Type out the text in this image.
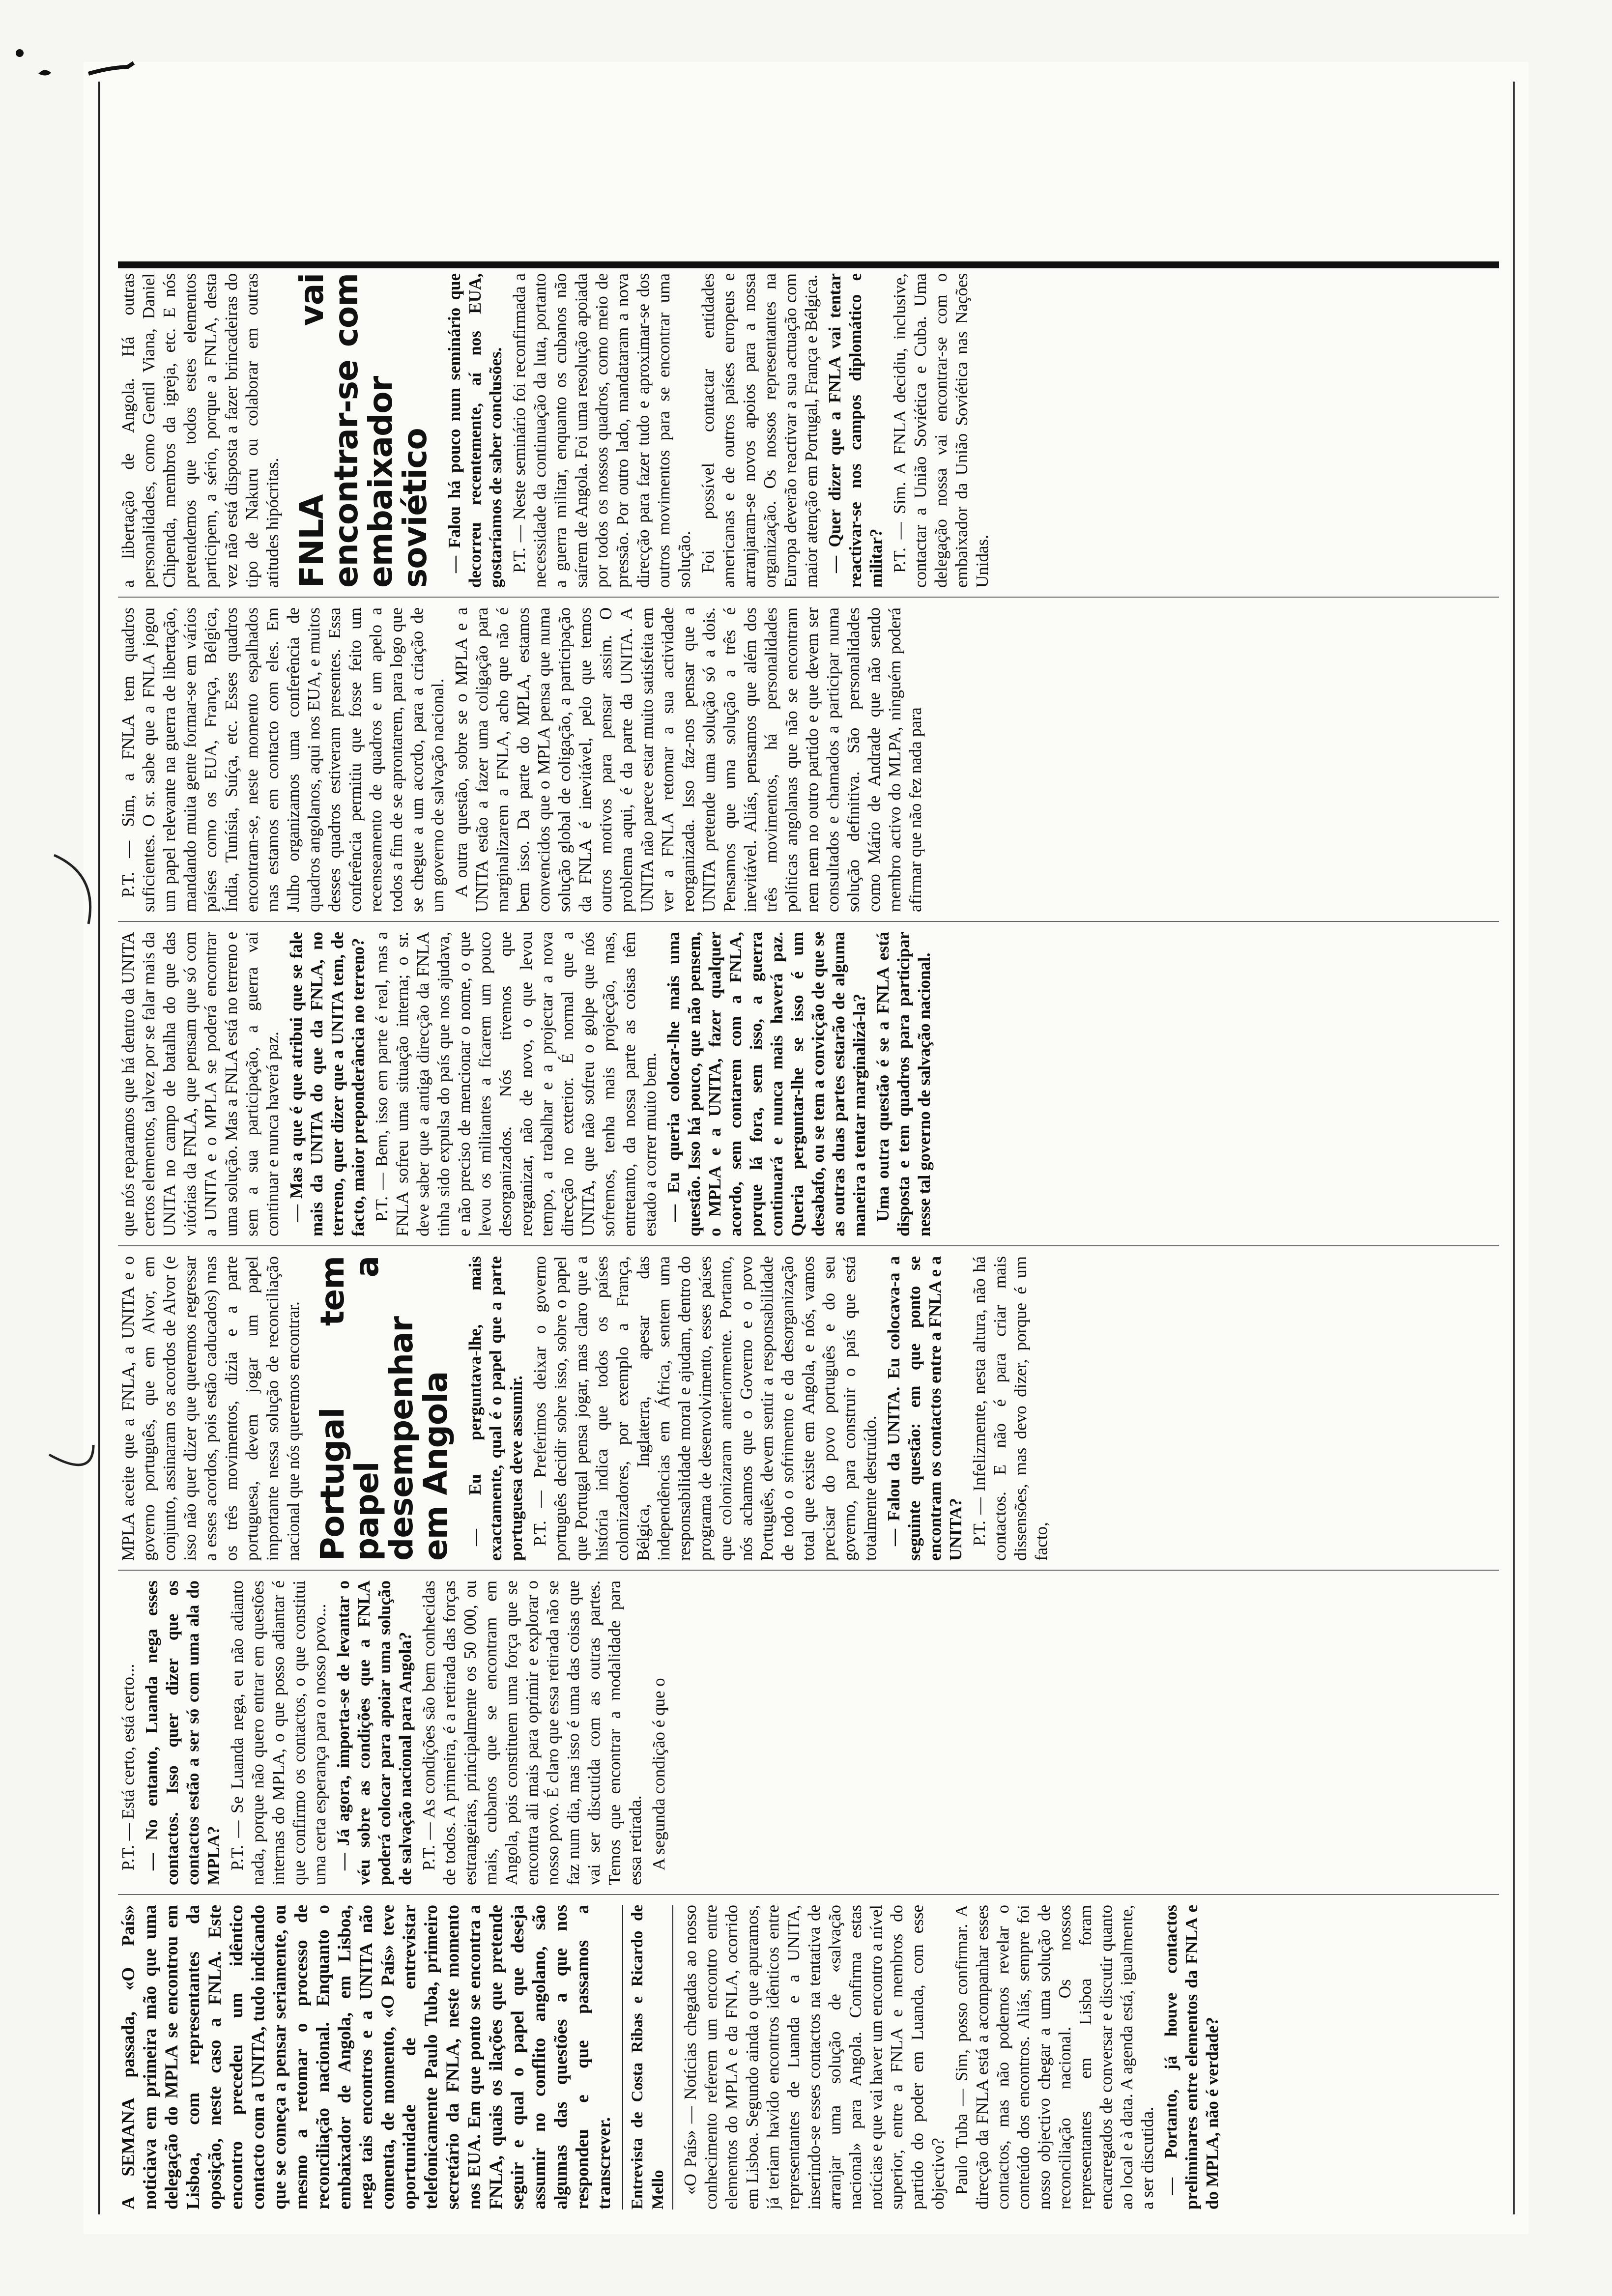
A SEMANA passada, «O País» noticiava em primeira mão que uma delegação do MPLA se encontrou em Lisboa, com representantes da oposição, neste caso a FNLA. Este encontro precedeu um idêntico contacto com a UNITA, tudo indicando que se começa a pensar seriamente, ou mesmo a retomar o processo de reconciliação nacional. Enquanto o embaixador de Angola, em Lisboa, nega tais encontros e a UNITA não comenta, de momento, «O País» teve oportunidade de entrevistar telefonicamente Paulo Tuba, primeiro secretário da FNLA, neste momento nos EUA. Em que ponto se encontra a FNLA, quais os ilações que pretende seguir e qual o papel que deseja assumir no conflito angolano, são algumas das questões a que nos respondeu e que passamos a transcrever. Entrevista de Costa Ribas e Ricardo de Mello «O País» — Notícias chegadas ao nosso conhecimento referem um encontro entre elementos do MPLA e da FNLA, ocorrido em Lisboa. Segundo ainda o que apuramos, já teriam havido encontros idênticos entre representantes de Luanda e a UNITA, inserindo-se esses contactos na tentativa de arranjar uma solução de «salvação nacional» para Angola. Confirma estas notícias e que vai haver um encontro a nível superior, entre a FNLA e membros do partido do poder em Luanda, com esse objectivo? Paulo Tuba — Sim, posso confirmar. A direcção da FNLA está a acompanhar esses contactos, mas não podemos revelar o conteúdo dos encontros. Aliás, sempre foi nosso objectivo chegar a uma solução de reconciliação nacional. Os nossos representantes em Lisboa foram encarregados de conversar e discutir quanto ao local e à data. A agenda está, igualmente, a ser discutida. — Portanto, já houve contactos preliminares entre elementos da FNLA e do MPLA, não é verdade?

P.T. — Está certo, está certo... — No entanto, Luanda nega esses contactos. Isso quer dizer que os contactos estão a ser só com uma ala do MPLA? P.T. — Se Luanda nega, eu não adianto nada, porque não quero entrar em questões internas do MPLA, o que posso adiantar é que confirmo os contactos, o que constitui uma certa esperança para o nosso povo... — Já agora, importa-se de levantar o véu sobre as condições que a FNLA poderá colocar para apoiar uma solução de salvação nacional para Angola? P.T. — As condições são bem conhecidas de todos. A primeira, é a retirada das forças estrangeiras, principalmente os 50 000, ou mais, cubanos que se encontram em Angola, pois constituem uma força que se encontra ali mais para oprimir e explorar o nosso povo. É claro que essa retirada não se faz num dia, mas isso é uma das coisas que vai ser discutida com as outras partes. Temos que encontrar a modalidade para essa retirada. A segunda condição é que o

MPLA aceite que a FNLA, a UNITA e o governo português, que em Alvor, em conjunto, assinaram os acordos de Alvor (e isso não quer dizer que queremos regressar a esses acordos, pois estão caducados) mas os três movimentos, dizia e a parte portuguesa, devem jogar um papel importante nessa solução de reconciliação nacional que nós queremos encontrar. Portugal tem papel a desempenhar em Angola — Eu perguntava-lhe, mais exactamente, qual é o papel que a parte portuguesa deve assumir. P.T. — Preferimos deixar o governo português decidir sobre isso, sobre o papel que Portugal pensa jogar, mas claro que a história indica que todos os países colonizadores, por exemplo a França, Bélgica, Inglaterra, apesar das independências em África, sentem uma responsabilidade moral e ajudam, dentro do programa de desenvolvimento, esses países que colonizaram anteriormente. Portanto, nós achamos que o Governo e o povo Português, devem sentir a responsabilidade de todo o sofrimento e da desorganização total que existe em Angola, e nós, vamos precisar do povo português e do seu governo, para construir o país que está totalmente destruído. — Falou da UNITA. Eu colocava-a a seguinte questão: em que ponto se encontram os contactos entre a FNLA e a UNITA? P.T. — Infelizmente, nesta altura, não há contactos. E não é para criar mais dissensões, mas devo dizer, porque é um facto,

que nós reparamos que há dentro da UNITA certos elementos, talvez por se falar mais da UNITA no campo de batalha do que das vitórias da FNLA, que pensam que só com a UNITA e o MPLA se poderá encontrar uma solução. Mas a FNLA está no terreno e sem a sua participação, a guerra vai continuar e nunca haverá paz. — Mas a que é que atribui que se fale mais da UNITA do que da FNLA, no terreno, quer dizer que a UNITA tem, de facto, maior preponderância no terreno? P.T. — Bem, isso em parte é real, mas a FNLA sofreu uma situação interna; o sr. deve saber que a antiga direcção da FNLA tinha sido expulsa do país que nos ajudava, e não preciso de mencionar o nome, o que levou os militantes a ficarem um pouco desorganizados. Nós tivemos que reorganizar, não de novo, o que levou tempo, a trabalhar e a projectar a nova direcção no exterior. É normal que a UNITA, que não sofreu o golpe que nós sofremos, tenha mais projecção, mas, entretanto, da nossa parte as coisas têm estado a correr muito bem. — Eu queria colocar-lhe mais uma questão. Isso há pouco, que não pensem, o MPLA e a UNITA, fazer qualquer acordo, sem contarem com a FNLA, porque lá fora, sem isso, a guerra continuará e nunca mais haverá paz. Queria perguntar-lhe se isso é um desabafo, ou se tem a convicção de que se as outras duas partes estarão de alguma maneira a tentar marginalizá-la? Uma outra questão é se a FNLA está disposta e tem quadros para participar nesse tal governo de salvação nacional.

P.T. — Sim, a FNLA tem quadros suficientes. O sr. sabe que a FNLA jogou um papel relevante na guerra de libertação, mandando muita gente formar-se em vários países como os EUA, França, Bélgica, Índia, Tunísia, Suíça, etc. Esses quadros encontram-se, neste momento espalhados mas estamos em contacto com eles. Em Julho organizamos uma conferência de quadros angolanos, aqui nos EUA, e muitos desses quadros estiveram presentes. Essa conferência permitiu que fosse feito um recenseamento de quadros e um apelo a todos a fim de se aprontarem, para logo que se chegue a um acordo, para a criação de um governo de salvação nacional. A outra questão, sobre se o MPLA e a UNITA estão a fazer uma coligação para marginalizarem a FNLA, acho que não é bem isso. Da parte do MPLA, estamos convencidos que o MPLA pensa que numa solução global de coligação, a participação da FNLA é inevitável, pelo que temos outros motivos para pensar assim. O problema aqui, é da parte da UNITA. A UNITA não parece estar muito satisfeita em ver a FNLA retomar a sua actividade reorganizada. Isso faz-nos pensar que a UNITA pretende uma solução só a dois. Pensamos que uma solução a três é inevitável. Aliás, pensamos que além dos três movimentos, há personalidades políticas angolanas que não se encontram nem nem no outro partido e que devem ser consultados e chamados a participar numa solução definitiva. São personalidades como Mário de Andrade que não sendo membro activo do MLPA, ninguém poderá afirmar que não fez nada para

a libertação de Angola. Há outras personalidades, como Gentil Viana, Daniel Chipenda, membros da igreja, etc. E nós pretendemos que todos estes elementos participem, a sério, porque a FNLA, desta vez não está disposta a fazer brincadeiras do tipo de Nakuru ou colaborar em outras atitudes hipócritas. FNLA vai encontrar-se com embaixador soviético — Falou há pouco num seminário que decorreu recentemente, aí nos EUA, gostaríamos de saber conclusões. P.T. — Neste seminário foi reconfirmada a necessidade da continuação da luta, portanto a guerra militar, enquanto os cubanos não saírem de Angola. Foi uma resolução apoiada por todos os nossos quadros, como meio de pressão. Por outro lado, mandataram a nova direcção para fazer tudo e aproximar-se dos outros movimentos para se encontrar uma solução. Foi possível contactar entidades americanas e de outros países europeus e arranjaram-se novos apoios para a nossa organização. Os nossos representantes na Europa deverão reactivar a sua actuação com maior atenção em Portugal, França e Bélgica. — Quer dizer que a FNLA vai tentar reactivar-se nos campos diplomático e militar? P.T. — Sim. A FNLA decidiu, inclusive, contactar a União Soviética e Cuba. Uma delegação nossa vai encontrar-se com o embaixador da União Soviética nas Nações Unidas.
